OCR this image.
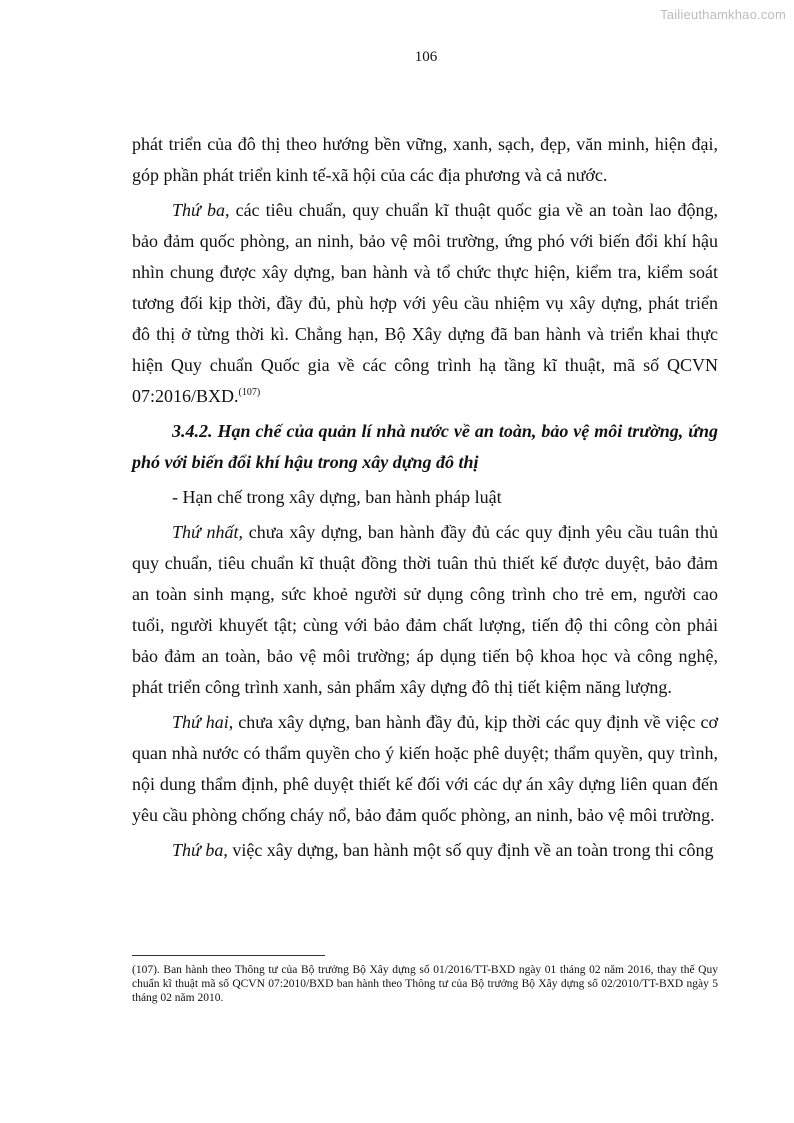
Tailieuthamkhao.com
106

phát triển của đô thị theo hướng bền vững, xanh, sạch, đẹp, văn minh, hiện đại, góp phần phát triển kinh tế-xã hội của các địa phương và cả nước.

Thứ ba, các tiêu chuẩn, quy chuẩn kĩ thuật quốc gia về an toàn lao động, bảo đảm quốc phòng, an ninh, bảo vệ môi trường, ứng phó với biến đổi khí hậu nhìn chung được xây dựng, ban hành và tổ chức thực hiện, kiểm tra, kiểm soát tương đối kịp thời, đầy đủ, phù hợp với yêu cầu nhiệm vụ xây dựng, phát triển đô thị ở từng thời kì. Chẳng hạn, Bộ Xây dựng đã ban hành và triển khai thực hiện Quy chuẩn Quốc gia về các công trình hạ tầng kĩ thuật, mã số QCVN 07:2016/BXD.$^{(107)}$

3.4.2. Hạn chế của quản lí nhà nước về an toàn, bảo vệ môi trường, ứng phó với biến đổi khí hậu trong xây dựng đô thị

- Hạn chế trong xây dựng, ban hành pháp luật

Thứ nhất, chưa xây dựng, ban hành đầy đủ các quy định yêu cầu tuân thủ quy chuẩn, tiêu chuẩn kĩ thuật đồng thời tuân thủ thiết kế được duyệt, bảo đảm an toàn sinh mạng, sức khoẻ người sử dụng công trình cho trẻ em, người cao tuổi, người khuyết tật; cùng với bảo đảm chất lượng, tiến độ thi công còn phải bảo đảm an toàn, bảo vệ môi trường; áp dụng tiến bộ khoa học và công nghệ, phát triển công trình xanh, sản phẩm xây dựng đô thị tiết kiệm năng lượng.

Thứ hai, chưa xây dựng, ban hành đầy đủ, kịp thời các quy định về việc cơ quan nhà nước có thẩm quyền cho ý kiến hoặc phê duyệt; thẩm quyền, quy trình, nội dung thẩm định, phê duyệt thiết kế đối với các dự án xây dựng liên quan đến yêu cầu phòng chống cháy nổ, bảo đảm quốc phòng, an ninh, bảo vệ môi trường.

Thứ ba, việc xây dựng, ban hành một số quy định về an toàn trong thi công

(107). Ban hành theo Thông tư của Bộ trưởng Bộ Xây dựng số 01/2016/TT-BXD ngày 01 tháng 02 năm 2016, thay thế Quy chuẩn kĩ thuật mã số QCVN 07:2010/BXD ban hành theo Thông tư của Bộ trưởng Bộ Xây dựng số 02/2010/TT-BXD ngày 5 tháng 02 năm 2010.
